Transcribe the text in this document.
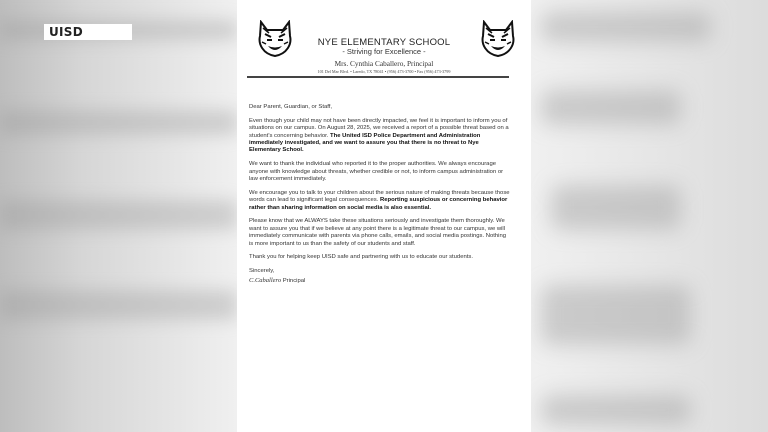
UISD
NYE ELEMENTARY SCHOOL
- Striving for Excellence -
Mrs. Cynthia Caballero, Principal
101 Del Mar Blvd. • Laredo, TX 78041 • (956) 473-3700 • Fax (956) 473-3799

Dear Parent, Guardian, or Staff,

Even though your child may not have been directly impacted, we feel it is important to inform you of situations on our campus. On August 28, 2025, we received a report of a possible threat based on a student's concerning behavior. The United ISD Police Department and Administration immediately investigated, and we want to assure you that there is no threat to Nye Elementary School.

We want to thank the individual who reported it to the proper authorities. We always encourage anyone with knowledge about threats, whether credible or not, to inform campus administration or law enforcement immediately.

We encourage you to talk to your children about the serious nature of making threats because those words can lead to significant legal consequences. Reporting suspicious or concerning behavior rather than sharing information on social media is also essential.

Please know that we ALWAYS take these situations seriously and investigate them thoroughly. We want to assure you that if we believe at any point there is a legitimate threat to our campus, we will immediately communicate with parents via phone calls, emails, and social media postings. Nothing is more important to us than the safety of our students and staff.

Thank you for helping keep UISD safe and partnering with us to educate our students.

Sincerely,

C.Caballero Principal
